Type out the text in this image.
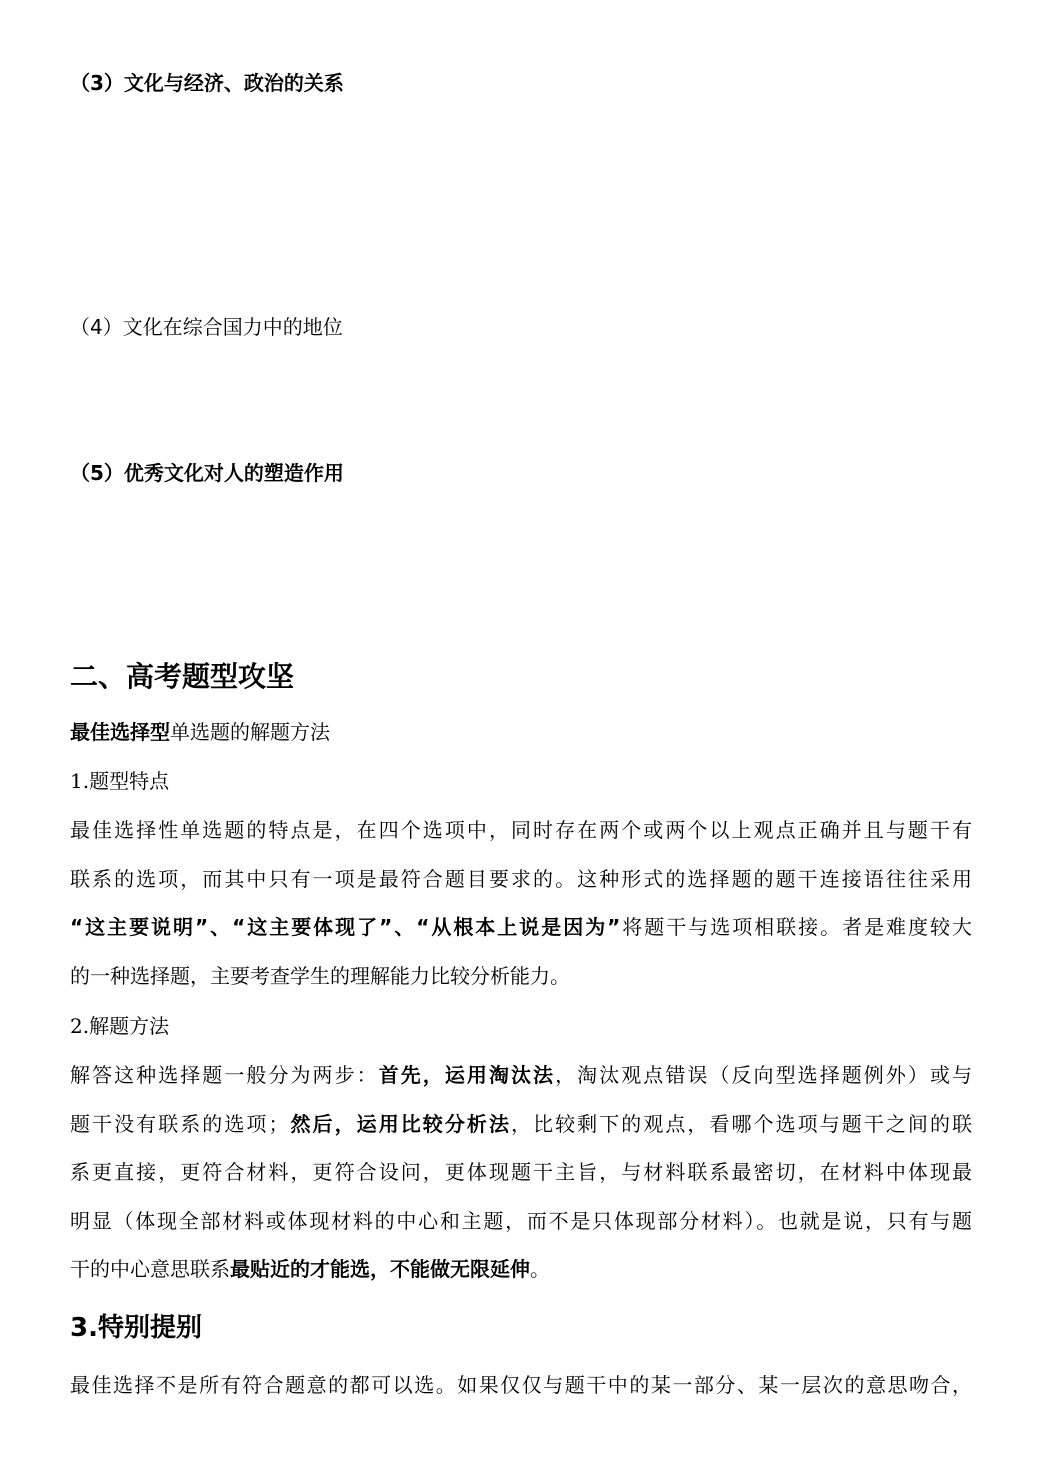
（3）文化与经济、政治的关系

（4）文化在综合国力中的地位

（5）优秀文化对人的塑造作用

二、高考题型攻坚

最佳选择型单选题的解题方法

1.题型特点

最佳选择性单选题的特点是，在四个选项中，同时存在两个或两个以上观点正确并且与题干有
联系的选项，而其中只有一项是最符合题目要求的。这种形式的选择题的题干连接语往往采用
“这主要说明”、“这主要体现了”、“从根本上说是因为”将题干与选项相联接。者是难度较大
的一种选择题，主要考查学生的理解能力比较分析能力。

2.解题方法

解答这种选择题一般分为两步：首先，运用淘汰法，淘汰观点错误（反向型选择题例外）或与
题干没有联系的选项；然后，运用比较分析法，比较剩下的观点，看哪个选项与题干之间的联
系更直接，更符合材料，更符合设问，更体现题干主旨，与材料联系最密切，在材料中体现最
明显（体现全部材料或体现材料的中心和主题，而不是只体现部分材料）。也就是说，只有与题
干的中心意思联系最贴近的才能选，不能做无限延伸。

3.特别提别

最佳选择不是所有符合题意的都可以选。如果仅仅与题干中的某一部分、某一层次的意思吻合，
